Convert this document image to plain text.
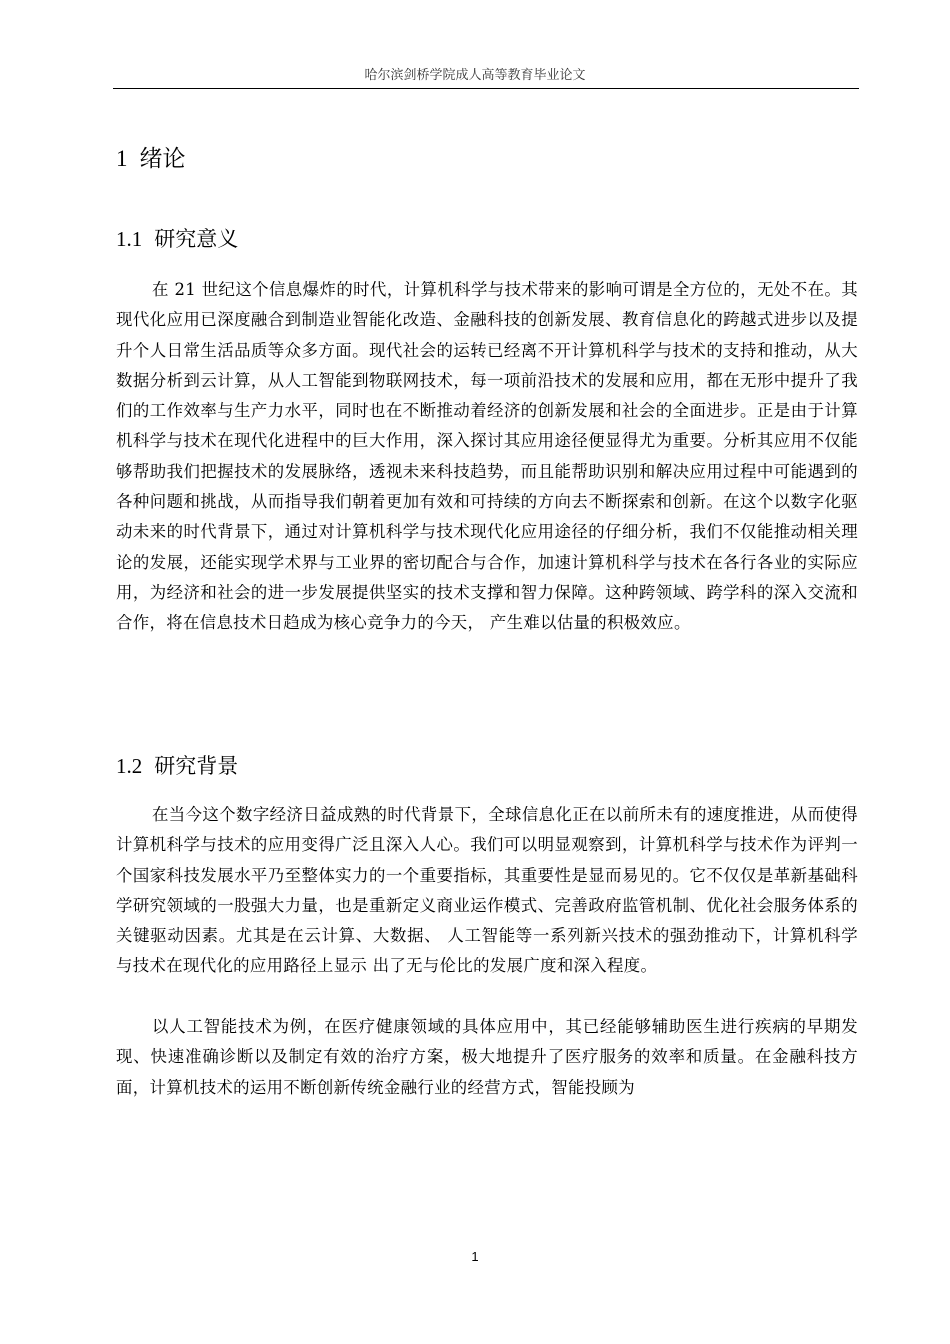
哈尔滨剑桥学院成人高等教育毕业论文
1 绪论
1.1 研究意义

在 21 世纪这个信息爆炸的时代，计算机科学与技术带来的影响可谓是全方位的，无处不在。其现代化应用已深度融合到制造业智能化改造、金融科技的创新发展、教育信息化的跨越式进步以及提升个人日常生活品质等众多方面。现代社会的运转已经离不开计算机科学与技术的支持和推动，从大数据分析到云计算，从人工智能到物联网技术，每一项前沿技术的发展和应用，都在无形中提升了我们的工作效率与生产力水平，同时也在不断推动着经济的创新发展和社会的全面进步。正是由于计算机科学与技术在现代化进程中的巨大作用，深入探讨其应用途径便显得尤为重要。分析其应用不仅能够帮助我们把握技术的发展脉络，透视未来科技趋势，而且能帮助识别和解决应用过程中可能遇到的各种问题和挑战，从而指导我们朝着更加有效和可持续的方向去不断探索和创新。在这个以数字化驱动未来的时代背景下，通过对计算机科学与技术现代化应用途径的仔细分析，我们不仅能推动相关理论的发展，还能实现学术界与工业界的密切配合与合作，加速计算机科学与技术在各行各业的实际应用，为经济和社会的进一步发展提供坚实的技术支撑和智力保障。这种跨领域、跨学科的深入交流和合作，将在信息技术日趋成为核心竞争力的今天， 产生难以估量的积极效应。

1.2 研究背景

在当今这个数字经济日益成熟的时代背景下，全球信息化正在以前所未有的速度推进，从而使得计算机科学与技术的应用变得广泛且深入人心。我们可以明显观察到，计算机科学与技术作为评判一个国家科技发展水平乃至整体实力的一个重要指标，其重要性是显而易见的。它不仅仅是革新基础科学研究领域的一股强大力量，也是重新定义商业运作模式、完善政府监管机制、优化社会服务体系的关键驱动因素。尤其是在云计算、大数据、 人工智能等一系列新兴技术的强劲推动下，计算机科学与技术在现代化的应用路径上显示 出了无与伦比的发展广度和深入程度。

以人工智能技术为例，在医疗健康领域的具体应用中，其已经能够辅助医生进行疾病的早期发现、快速准确诊断以及制定有效的治疗方案，极大地提升了医疗服务的效率和质量。在金融科技方面，计算机技术的运用不断创新传统金融行业的经营方式，智能投顾为

1
